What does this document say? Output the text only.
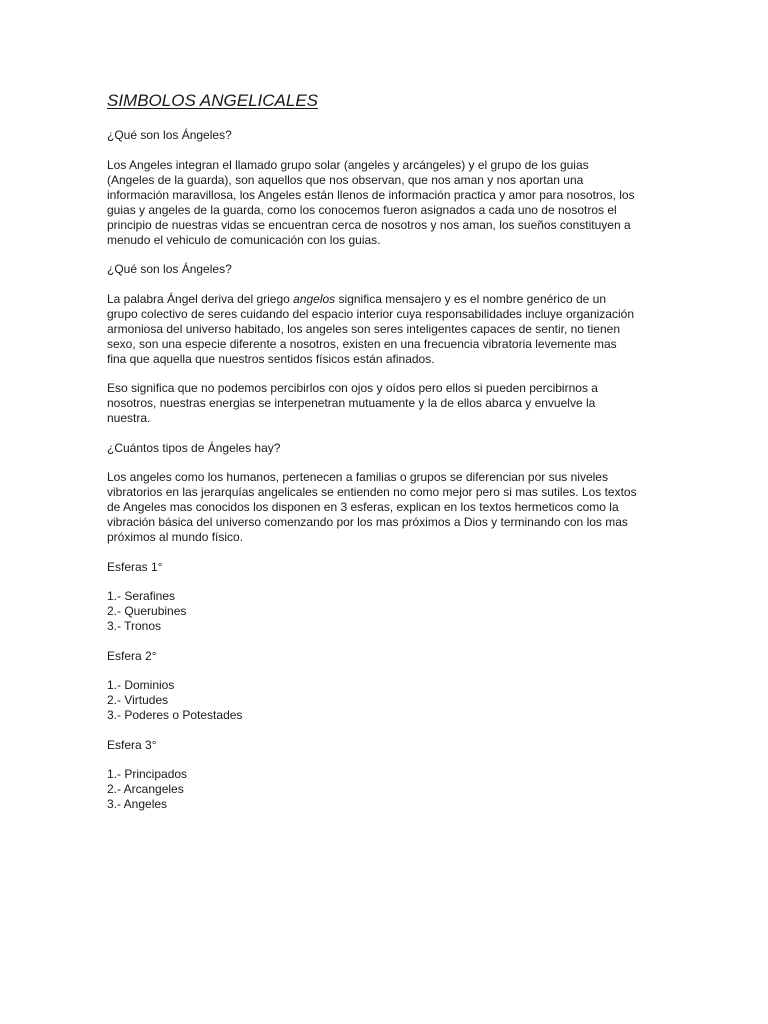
SIMBOLOS ANGELICALES

¿Qué son los Ángeles?

Los Angeles integran el llamado grupo solar (angeles y arcángeles) y el grupo de los guias
(Angeles de la guarda), son aquellos que nos observan, que nos aman y nos aportan una
información maravillosa, los Angeles están llenos de información practica y amor para nosotros, los
guias y angeles de la guarda, como los conocemos fueron asignados a cada uno de nosotros el
principio de nuestras vidas se encuentran cerca de nosotros y nos aman, los sueños constituyen a
menudo el vehiculo de comunicación con los guias.

¿Qué son los Ángeles?

La palabra Ángel deriva del griego angelos significa mensajero y es el nombre genérico de un
grupo colectivo de seres cuidando del espacio interior cuya responsabilidades incluye organización
armoniosa del universo habitado, los angeles son seres inteligentes capaces de sentir, no tienen
sexo, son una especie diferente a nosotros, existen en una frecuencia vibratoria levemente mas
fina que aquella que nuestros sentidos físicos están afinados.

Eso significa que no podemos percibirlos con ojos y oídos pero ellos si pueden percibirnos a
nosotros, nuestras energias se interpenetran mutuamente y la de ellos abarca y envuelve la
nuestra.

¿Cuántos tipos de Ángeles hay?

Los angeles como los humanos, pertenecen a familias o grupos se diferencian por sus niveles
vibratorios en las jerarquías angelicales se entienden no como mejor pero si mas sutiles. Los textos
de Angeles mas conocidos los disponen en 3 esferas, explican en los textos hermeticos como la
vibración básica del universo comenzando por los mas próximos a Dios y terminando con los mas
próximos al mundo físico.

Esferas 1°

1.- Serafines
2.- Querubines
3.- Tronos

Esfera 2°

1.- Dominios
2.- Virtudes
3.- Poderes o Potestades

Esfera 3°

1.- Principados
2.- Arcangeles
3.- Angeles
